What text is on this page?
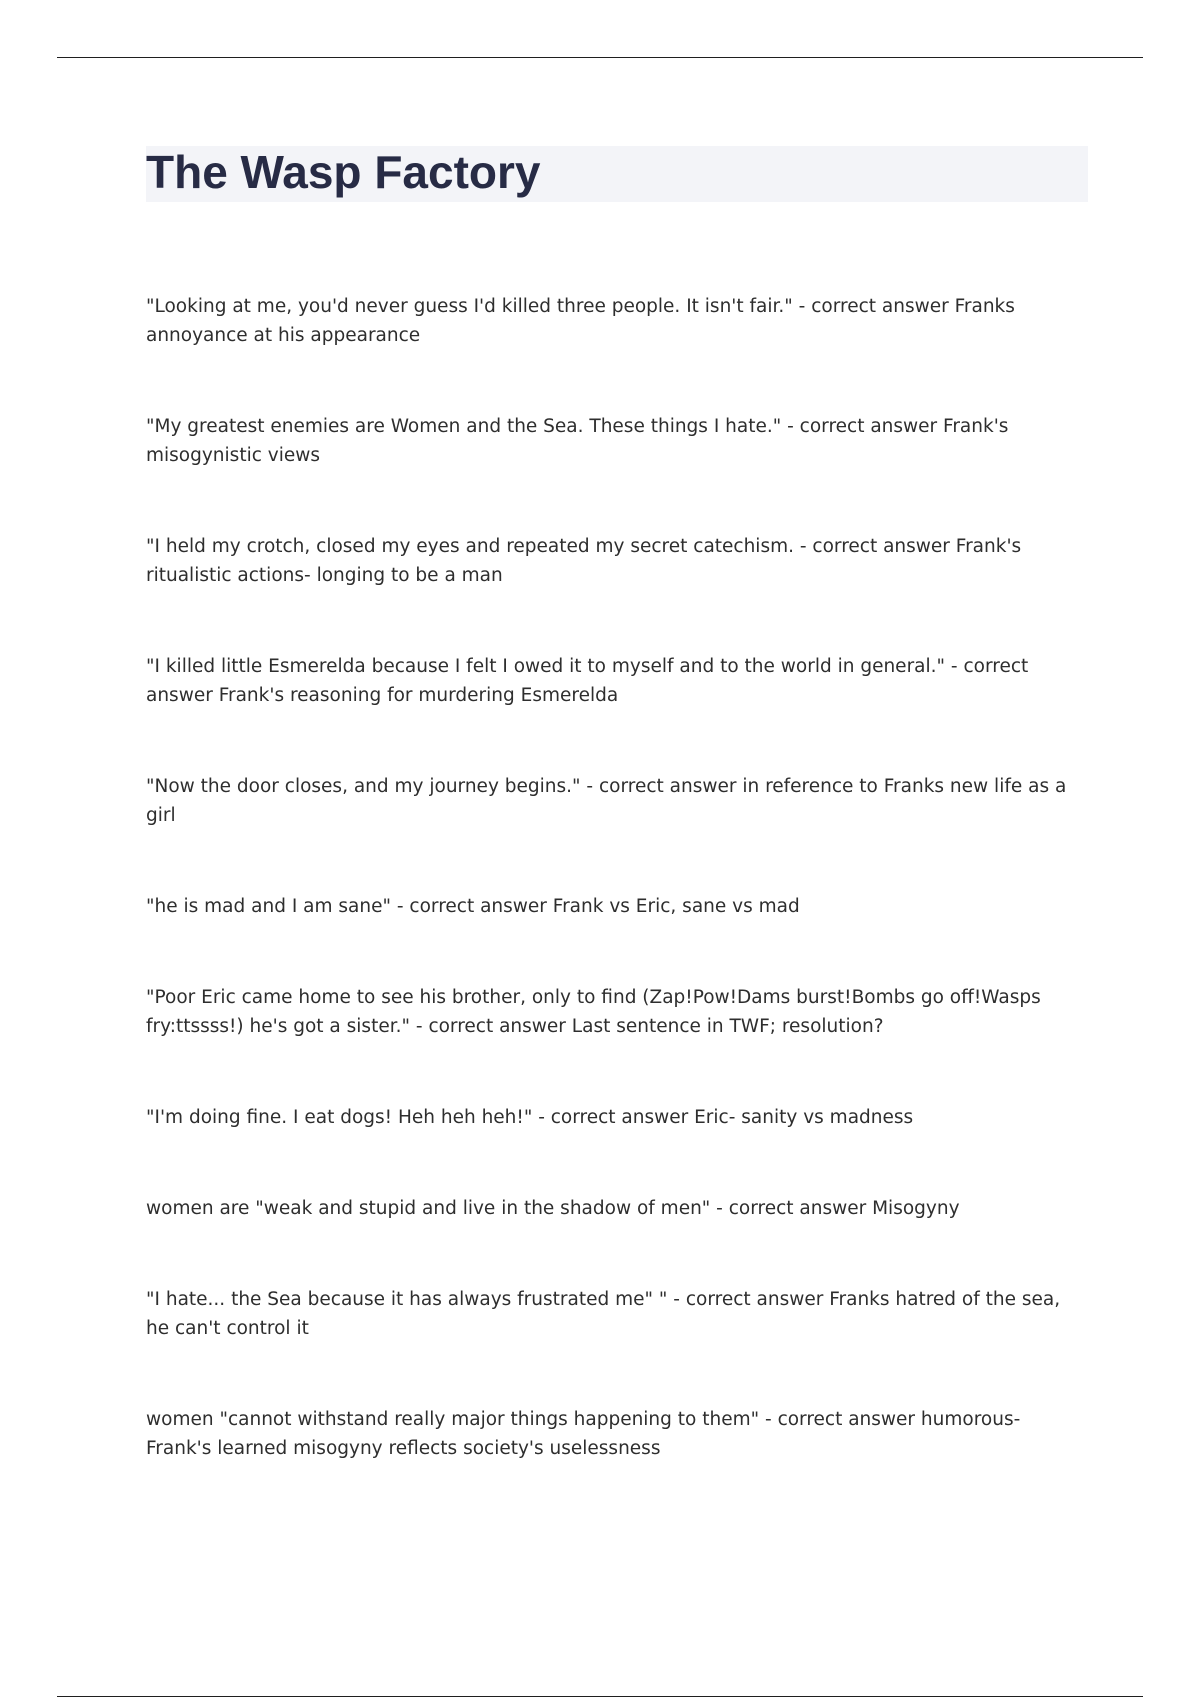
The Wasp Factory

"Looking at me, you'd never guess I'd killed three people. It isn't fair." - correct answer Franks annoyance at his appearance

"My greatest enemies are Women and the Sea. These things I hate." - correct answer Frank's misogynistic views

"I held my crotch, closed my eyes and repeated my secret catechism. - correct answer Frank's ritualistic actions- longing to be a man

"I killed little Esmerelda because I felt I owed it to myself and to the world in general." - correct answer Frank's reasoning for murdering Esmerelda

"Now the door closes, and my journey begins." - correct answer in reference to Franks new life as a girl

"he is mad and I am sane" - correct answer Frank vs Eric, sane vs mad

"Poor Eric came home to see his brother, only to find (Zap!Pow!Dams burst!Bombs go off!Wasps fry:ttssss!) he's got a sister." - correct answer Last sentence in TWF; resolution?

"I'm doing fine. I eat dogs! Heh heh heh!" - correct answer Eric- sanity vs madness

women are "weak and stupid and live in the shadow of men" - correct answer Misogyny

"I hate... the Sea because it has always frustrated me" " - correct answer Franks hatred of the sea, he can't control it

women "cannot withstand really major things happening to them" - correct answer humorous- Frank's learned misogyny reflects society's uselessness
